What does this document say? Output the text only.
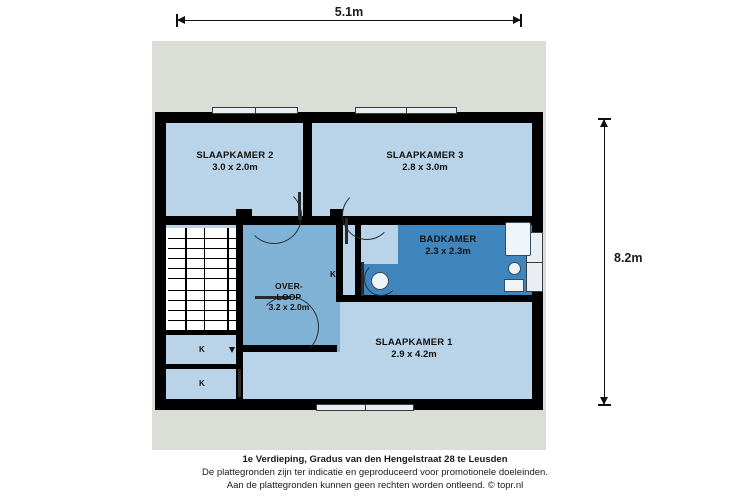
5.1m
8.2m
SLAAPKAMER 2
3.0 x 2.0m
SLAAPKAMER 3
2.8 x 3.0m
BADKAMER
2.3 x 2.3m
SLAAPKAMER 1
2.9 x 4.2m
OVER-
LOOP
3.2 x 2.0m
K
K
K
1e Verdieping, Gradus van den Hengelstraat 28 te Leusden
De plattegronden zijn ter indicatie en geproduceerd voor promotionele doeleinden.
Aan de plattegronden kunnen geen rechten worden ontleend. © topr.nl
